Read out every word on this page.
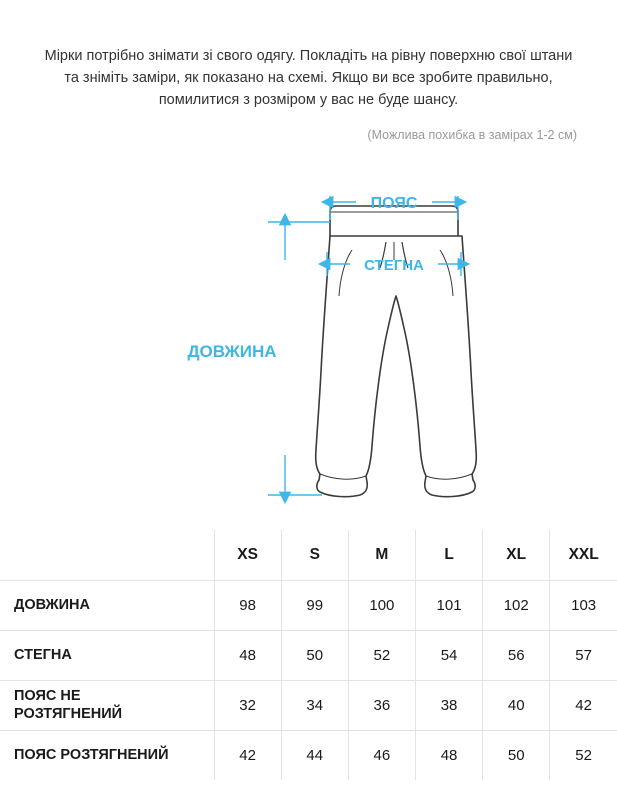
Мірки потрібно знімати зі свого одягу. Покладіть на рівну поверхню свої штани та зніміть заміри, як показано на схемі. Якщо ви все зробите правильно, помилитися з розміром у вас не буде шансу.

(Можлива похибка в замірах 1-2 см)

ПОЯС
СТЕГНА
ДОВЖИНА
	XS	S	M	L	XL	XXL
ДОВЖИНА	98	99	100	101	102	103
СТЕГНА	48	50	52	54	56	57
ПОЯС НЕ
РОЗТЯГНЕНИЙ	32	34	36	38	40	42
ПОЯС РОЗТЯГНЕНИЙ	42	44	46	48	50	52
